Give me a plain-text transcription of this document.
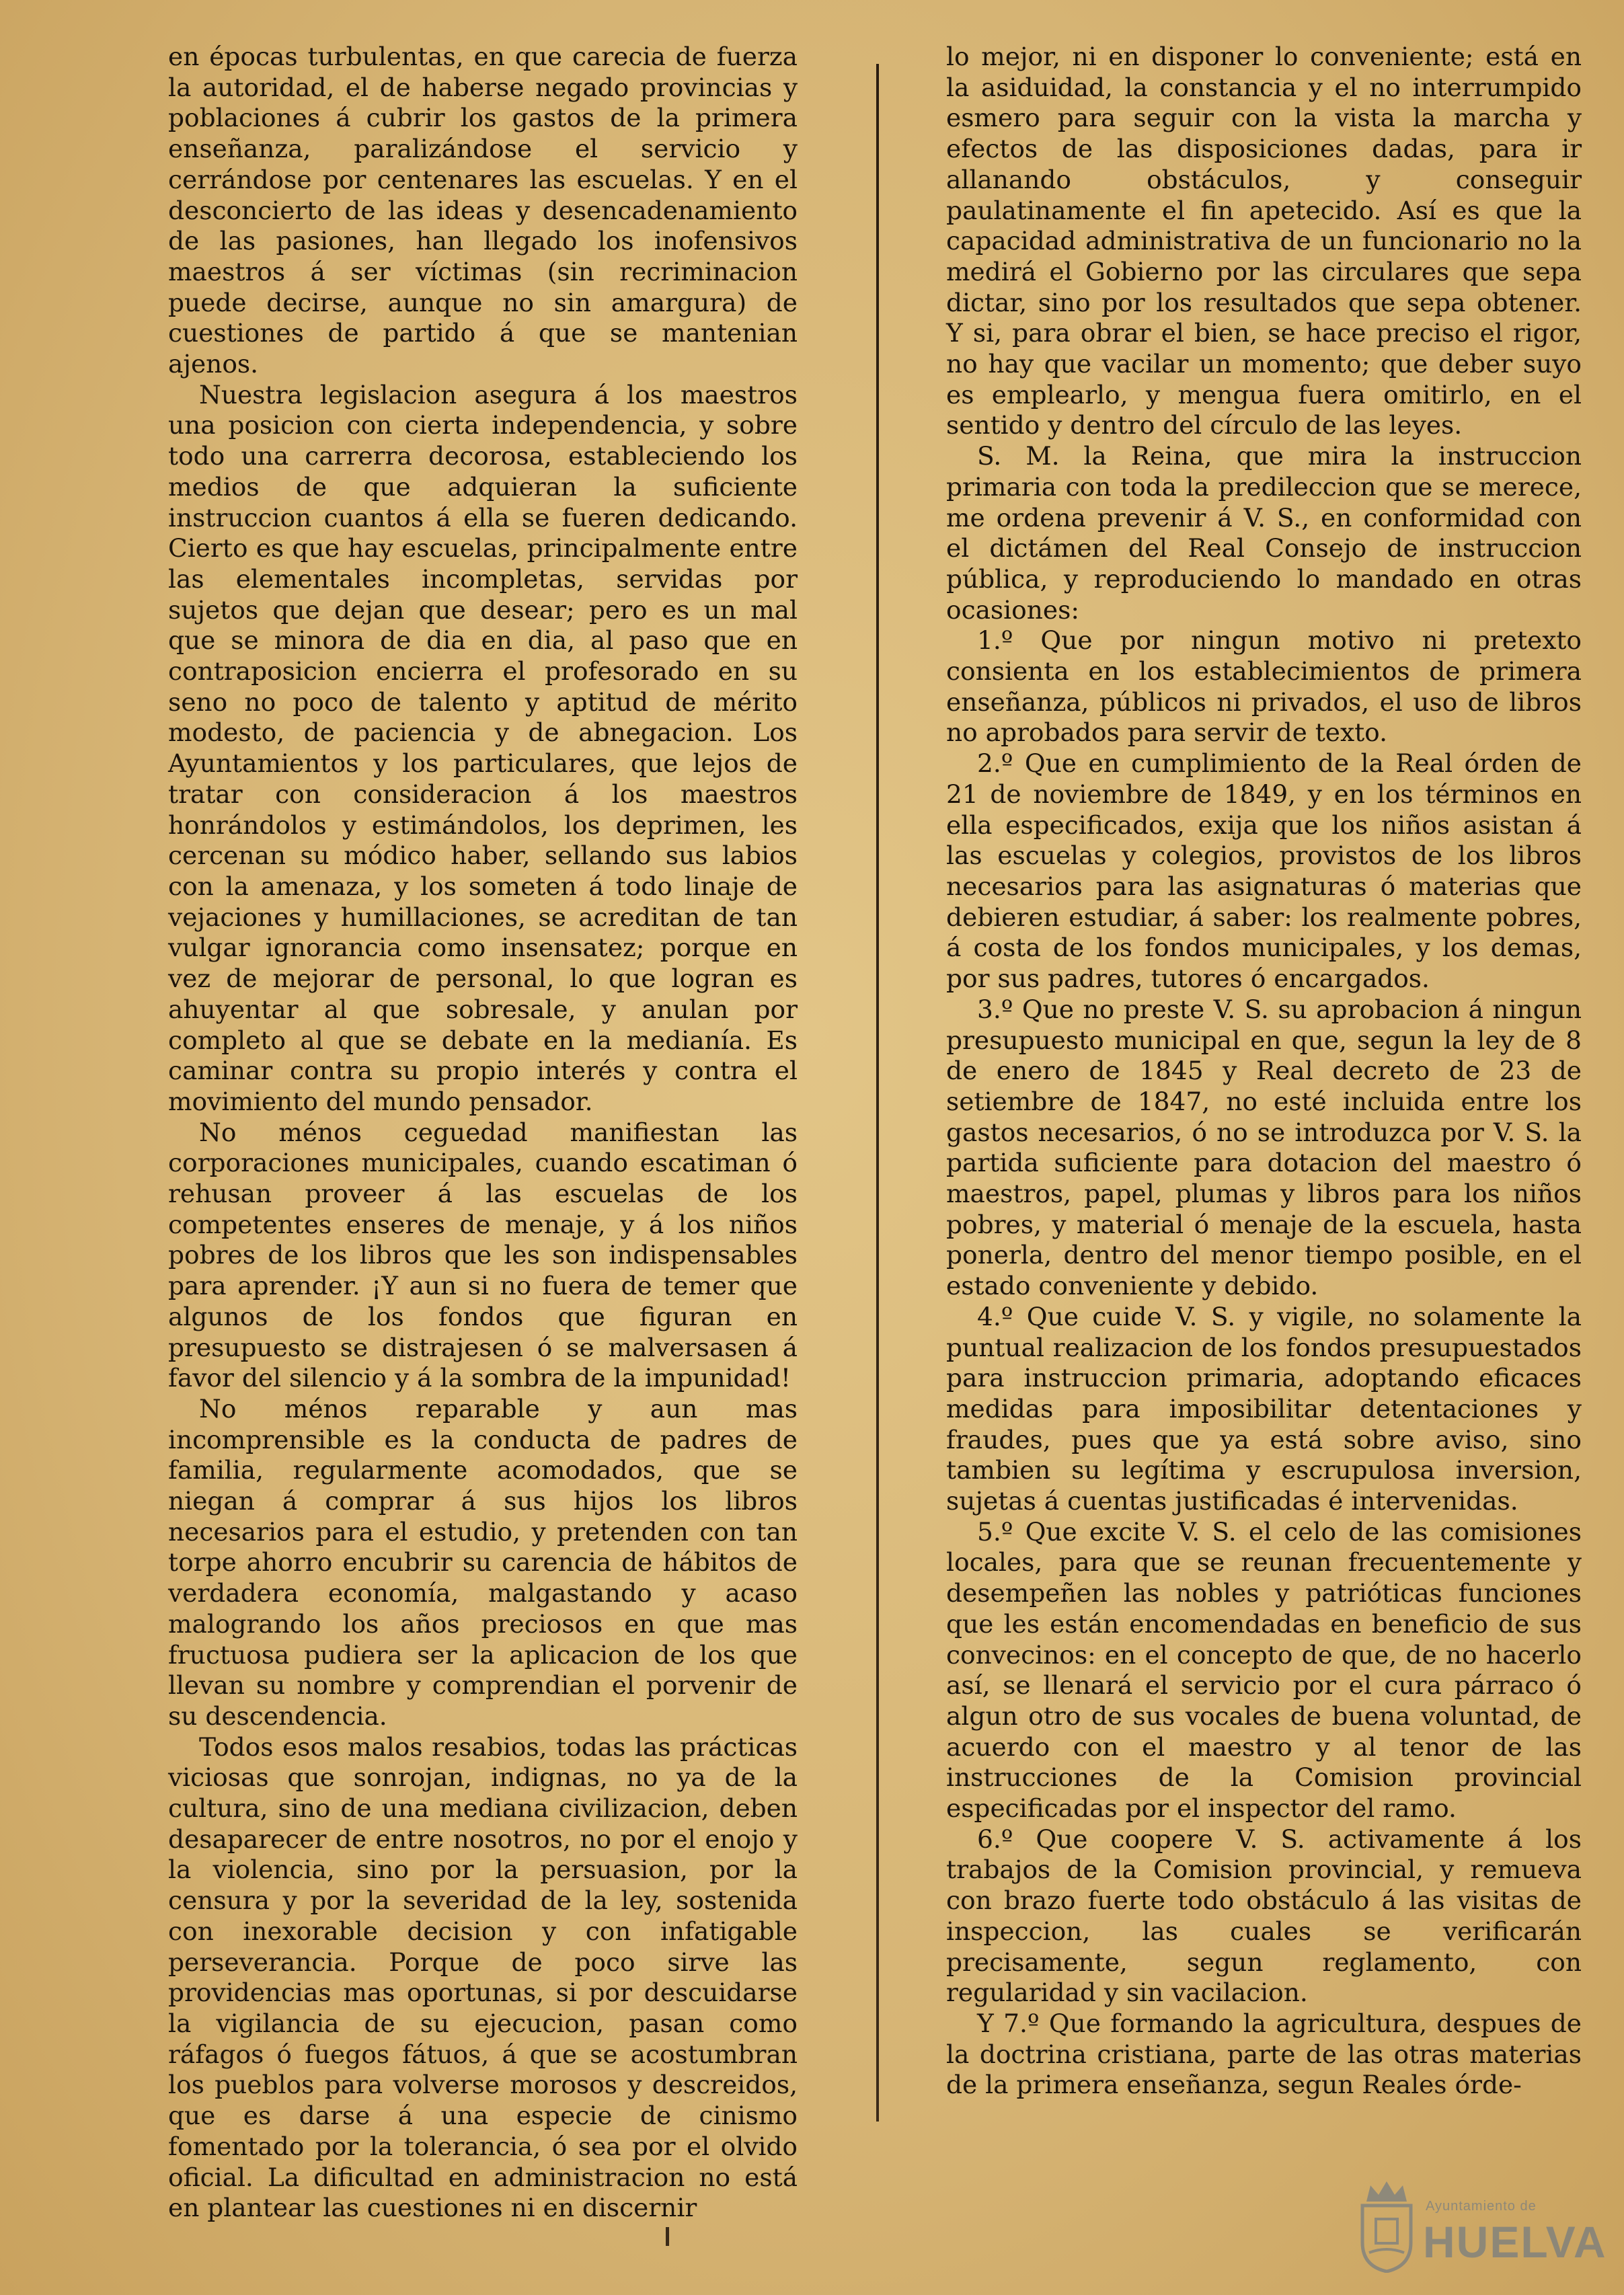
en épocas turbulentas, en que carecia de fuerza la autoridad, el de haberse negado provincias y poblaciones á cubrir los gastos de la primera enseñanza, paralizándose el servicio y cerrándose por centenares las escuelas. Y en el desconcierto de las ideas y desencadenamiento de las pasiones, han llegado los inofensivos maestros á ser víctimas (sin recriminacion puede decirse, aunque no sin amargura) de cuestiones de partido á que se mantenian ajenos.

Nuestra legislacion asegura á los maestros una posicion con cierta independencia, y sobre todo una carrerra decorosa, estableciendo los medios de que adquieran la suficiente instruccion cuantos á ella se fueren dedicando. Cierto es que hay escuelas, principalmente entre las elementales incompletas, servidas por sujetos que dejan que desear; pero es un mal que se minora de dia en dia, al paso que en contraposicion encierra el profesorado en su seno no poco de talento y aptitud de mérito modesto, de paciencia y de abnegacion. Los Ayuntamientos y los particulares, que lejos de tratar con consideracion á los maestros honrándolos y estimándolos, los deprimen, les cercenan su módico haber, sellando sus labios con la amenaza, y los someten á todo linaje de vejaciones y humillaciones, se acreditan de tan vulgar ignorancia como insensatez; porque en vez de mejorar de personal, lo que logran es ahuyentar al que sobresale, y anulan por completo al que se debate en la medianía. Es caminar contra su propio interés y contra el movimiento del mundo pensador.

No ménos ceguedad manifiestan las corporaciones municipales, cuando escatiman ó rehusan proveer á las escuelas de los competentes enseres de menaje, y á los niños pobres de los libros que les son indispensables para aprender. ¡Y aun si no fuera de temer que algunos de los fondos que figuran en presupuesto se distrajesen ó se malversasen á favor del silencio y á la sombra de la impunidad!

No ménos reparable y aun mas incomprensible es la conducta de padres de familia, regularmente acomodados, que se niegan á comprar á sus hijos los libros necesarios para el estudio, y pretenden con tan torpe ahorro encubrir su carencia de hábitos de verdadera economía, malgastando y acaso malogrando los años preciosos en que mas fructuosa pudiera ser la aplicacion de los que llevan su nombre y comprendian el porvenir de su descendencia.

Todos esos malos resabios, todas las prácticas viciosas que sonrojan, indignas, no ya de la cultura, sino de una mediana civilizacion, deben desaparecer de entre nosotros, no por el enojo y la violencia, sino por la persuasion, por la censura y por la severidad de la ley, sostenida con inexorable decision y con infatigable perseverancia. Porque de poco sirve las providencias mas oportunas, si por descuidarse la vigilancia de su ejecucion, pasan como ráfagos ó fuegos fátuos, á que se acostumbran los pueblos para volverse morosos y descreidos, que es darse á una especie de cinismo fomentado por la tolerancia, ó sea por el olvido oficial. La dificultad en administracion no está en plantear las cuestiones ni en discernir

lo mejor, ni en disponer lo conveniente; está en la asiduidad, la constancia y el no interrumpido esmero para seguir con la vista la marcha y efectos de las disposiciones dadas, para ir allanando obstáculos, y conseguir paulatinamente el fin apetecido. Así es que la capacidad administrativa de un funcionario no la medirá el Gobierno por las circulares que sepa dictar, sino por los resultados que sepa obtener. Y si, para obrar el bien, se hace preciso el rigor, no hay que vacilar un momento; que deber suyo es emplearlo, y mengua fuera omitirlo, en el sentido y dentro del círculo de las leyes.

S. M. la Reina, que mira la instruccion primaria con toda la predileccion que se merece, me ordena prevenir á V. S., en conformidad con el dictámen del Real Consejo de instruccion pública, y reproduciendo lo mandado en otras ocasiones:

1.º Que por ningun motivo ni pretexto consienta en los establecimientos de primera enseñanza, públicos ni privados, el uso de libros no aprobados para servir de texto.

2.º Que en cumplimiento de la Real órden de 21 de noviembre de 1849, y en los términos en ella especificados, exija que los niños asistan á las escuelas y colegios, provistos de los libros necesarios para las asignaturas ó materias que debieren estudiar, á saber: los realmente pobres, á costa de los fondos municipales, y los demas, por sus padres, tutores ó encargados.

3.º Que no preste V. S. su aprobacion á ningun presupuesto municipal en que, segun la ley de 8 de enero de 1845 y Real decreto de 23 de setiembre de 1847, no esté incluida entre los gastos necesarios, ó no se introduzca por V. S. la partida suficiente para dotacion del maestro ó maestros, papel, plumas y libros para los niños pobres, y material ó menaje de la escuela, hasta ponerla, dentro del menor tiempo posible, en el estado conveniente y debido.

4.º Que cuide V. S. y vigile, no solamente la puntual realizacion de los fondos presupuestados para instruccion primaria, adoptando eficaces medidas para imposibilitar detentaciones y fraudes, pues que ya está sobre aviso, sino tambien su legítima y escrupulosa inversion, sujetas á cuentas justificadas é intervenidas.

5.º Que excite V. S. el celo de las comisiones locales, para que se reunan frecuentemente y desempeñen las nobles y patrióticas funciones que les están encomendadas en beneficio de sus convecinos: en el concepto de que, de no hacerlo así, se llenará el servicio por el cura párraco ó algun otro de sus vocales de buena voluntad, de acuerdo con el maestro y al tenor de las instrucciones de la Comision provincial especificadas por el inspector del ramo.

6.º Que coopere V. S. activamente á los trabajos de la Comision provincial, y remueva con brazo fuerte todo obstáculo á las visitas de inspeccion, las cuales se verificarán precisamente, segun reglamento, con regularidad y sin vacilacion.

Y 7.º Que formando la agricultura, despues de la doctrina cristiana, parte de las otras materias de la primera enseñanza, segun Reales órde-

Ayuntamiento de
HUELVA
